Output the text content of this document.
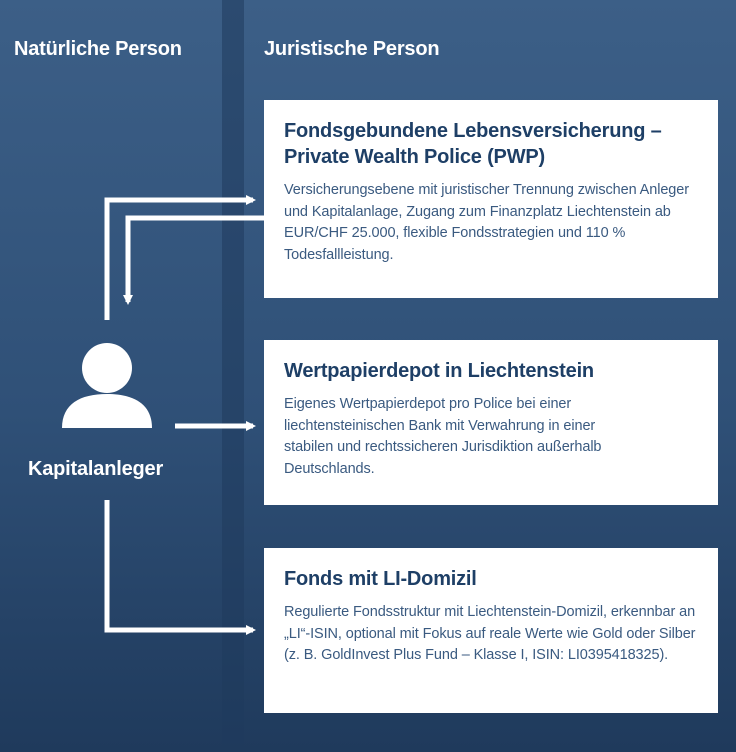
Natürliche Person	Juristische Person
Kapitalanleger
Fondsgebundene Lebensversicherung – Private Wealth Police (PWP)

Versicherungsebene mit juristischer Trennung zwischen Anleger und Kapitalanlage, Zugang zum Finanzplatz Liechtenstein ab EUR/CHF 25.000, flexible Fondsstrategien und 110 % Todesfallleistung.

Wertpapierdepot in Liechtenstein

Eigenes Wertpapierdepot pro Police bei einer liechtensteinischen Bank mit Verwahrung in einer stabilen und rechtssicheren Jurisdiktion außerhalb Deutschlands.

Fonds mit LI-Domizil

Regulierte Fondsstruktur mit Liechtenstein-Domizil, erkennbar an „LI“-ISIN, optional mit Fokus auf reale Werte wie Gold oder Silber (z. B. GoldInvest Plus Fund – Klasse I, ISIN: LI0395418325).
